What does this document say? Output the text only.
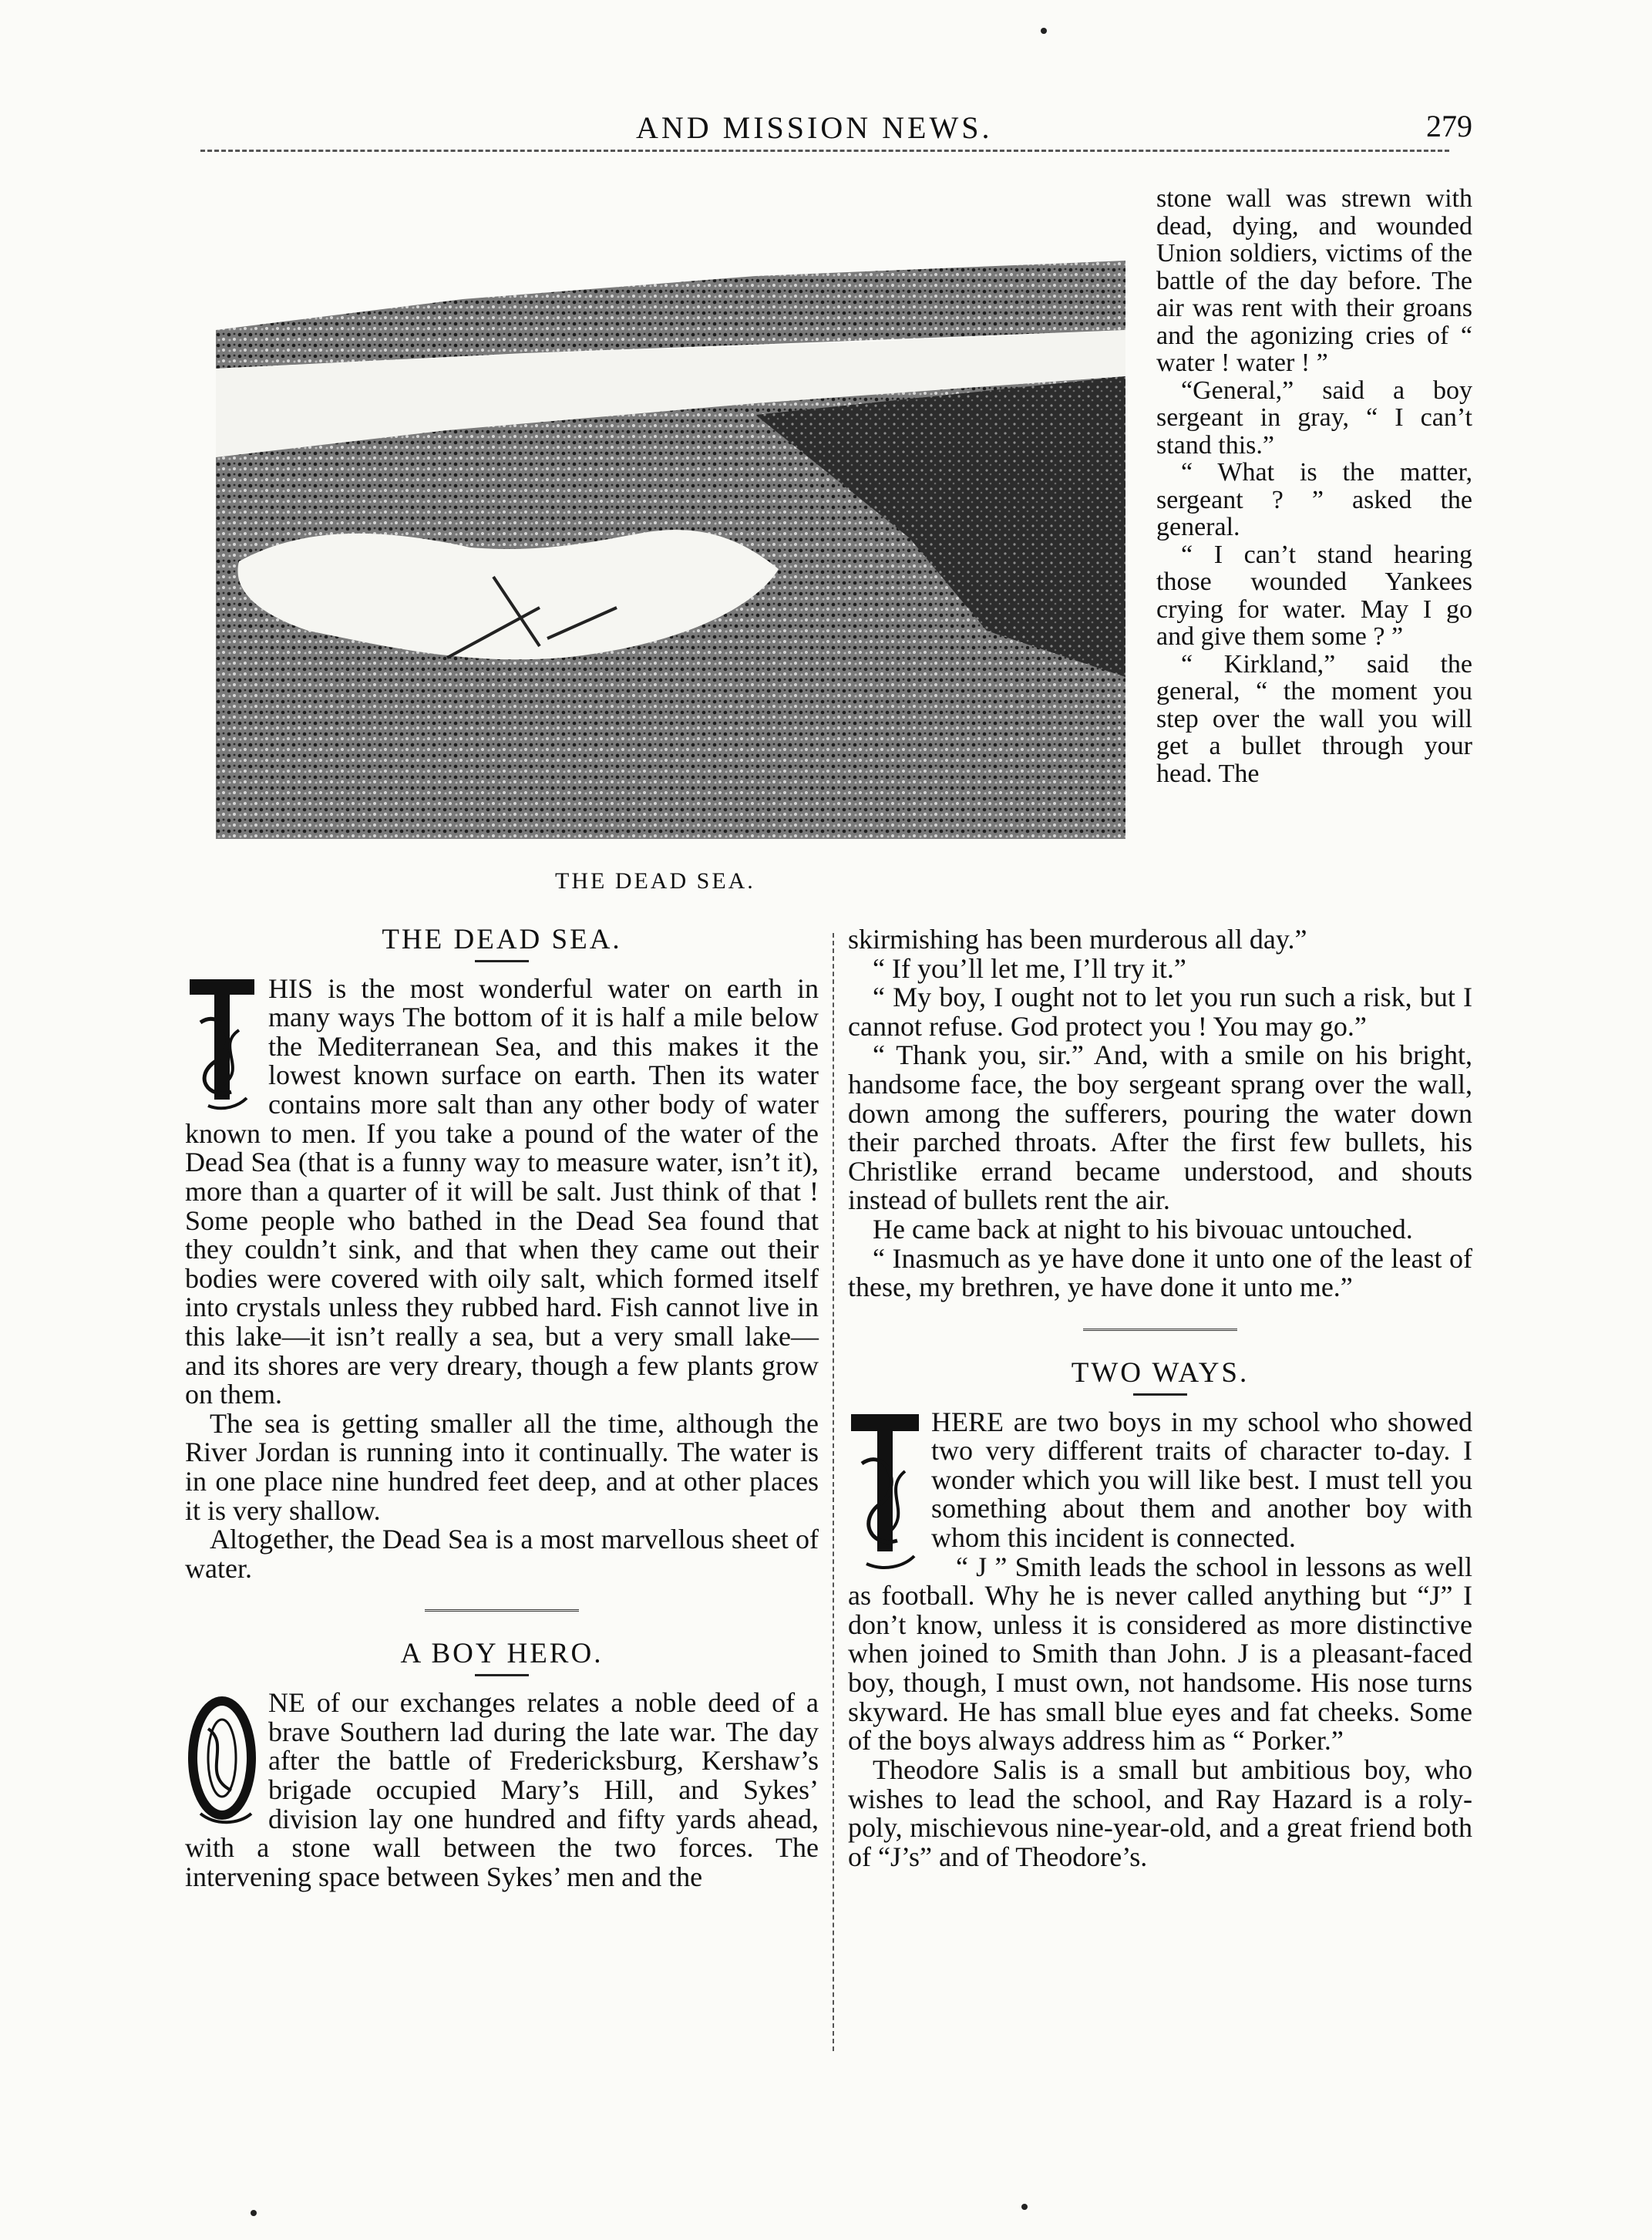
AND MISSION NEWS.	279
THE DEAD SEA.

stone wall was strewn with dead, dying, and wounded Union soldiers, victims of the battle of the day before. The air was rent with their groans and the agonizing cries of “ water ! water ! ”

“General,” said a boy sergeant in gray, “ I can’t stand this.”

“ What is the matter, sergeant ? ” asked the general.

“ I can’t stand hearing those wounded Yankees crying for water. May I go and give them some ? ”

“ Kirkland,” said the general, “ the moment you step over the wall you will get a bullet through your head. The

THE DEAD SEA.

HIS is the most wonderful water on earth in many ways The bottom of it is half a mile below the Mediterranean Sea, and this makes it the lowest known surface on earth. Then its water contains more salt than any other body of water known to men. If you take a pound of the water of the Dead Sea (that is a funny way to measure water, isn’t it), more than a quarter of it will be salt. Just think of that ! Some people who bathed in the Dead Sea found that they couldn’t sink, and that when they came out their bodies were covered with oily salt, which formed itself into crystals unless they rubbed hard. Fish cannot live in this lake—it isn’t really a sea, but a very small lake—and its shores are very dreary, though a few plants grow on them.

The sea is getting smaller all the time, although the River Jordan is running into it continually. The water is in one place nine hundred feet deep, and at other places it is very shallow.

Altogether, the Dead Sea is a most marvellous sheet of water.

A BOY HERO.

NE of our exchanges relates a noble deed of a brave Southern lad during the late war. The day after the battle of Fredericksburg, Kershaw’s brigade occupied Mary’s Hill, and Sykes’ division lay one hundred and fifty yards ahead, with a stone wall between the two forces. The intervening space between Sykes’ men and the

skirmishing has been murderous all day.”

“ If you’ll let me, I’ll try it.”

“ My boy, I ought not to let you run such a risk, but I cannot refuse. God protect you ! You may go.”

“ Thank you, sir.” And, with a smile on his bright, handsome face, the boy sergeant sprang over the wall, down among the sufferers, pouring the water down their parched throats. After the first few bullets, his Christlike errand became understood, and shouts instead of bullets rent the air.

He came back at night to his bivouac untouched.

“ Inasmuch as ye have done it unto one of the least of these, my brethren, ye have done it unto me.”

TWO WAYS.

HERE are two boys in my school who showed two very different traits of character to-day. I wonder which you will like best. I must tell you something about them and another boy with whom this incident is connected.

“ J ” Smith leads the school in lessons as well as football. Why he is never called anything but “J” I don’t know, unless it is considered as more distinctive when joined to Smith than John. J is a pleasant-faced boy, though, I must own, not handsome. His nose turns skyward. He has small blue eyes and fat cheeks. Some of the boys always address him as “ Porker.”

Theodore Salis is a small but ambitious boy, who wishes to lead the school, and Ray Hazard is a roly-poly, mischievous nine-year-old, and a great friend both of “J’s” and of Theodore’s.
